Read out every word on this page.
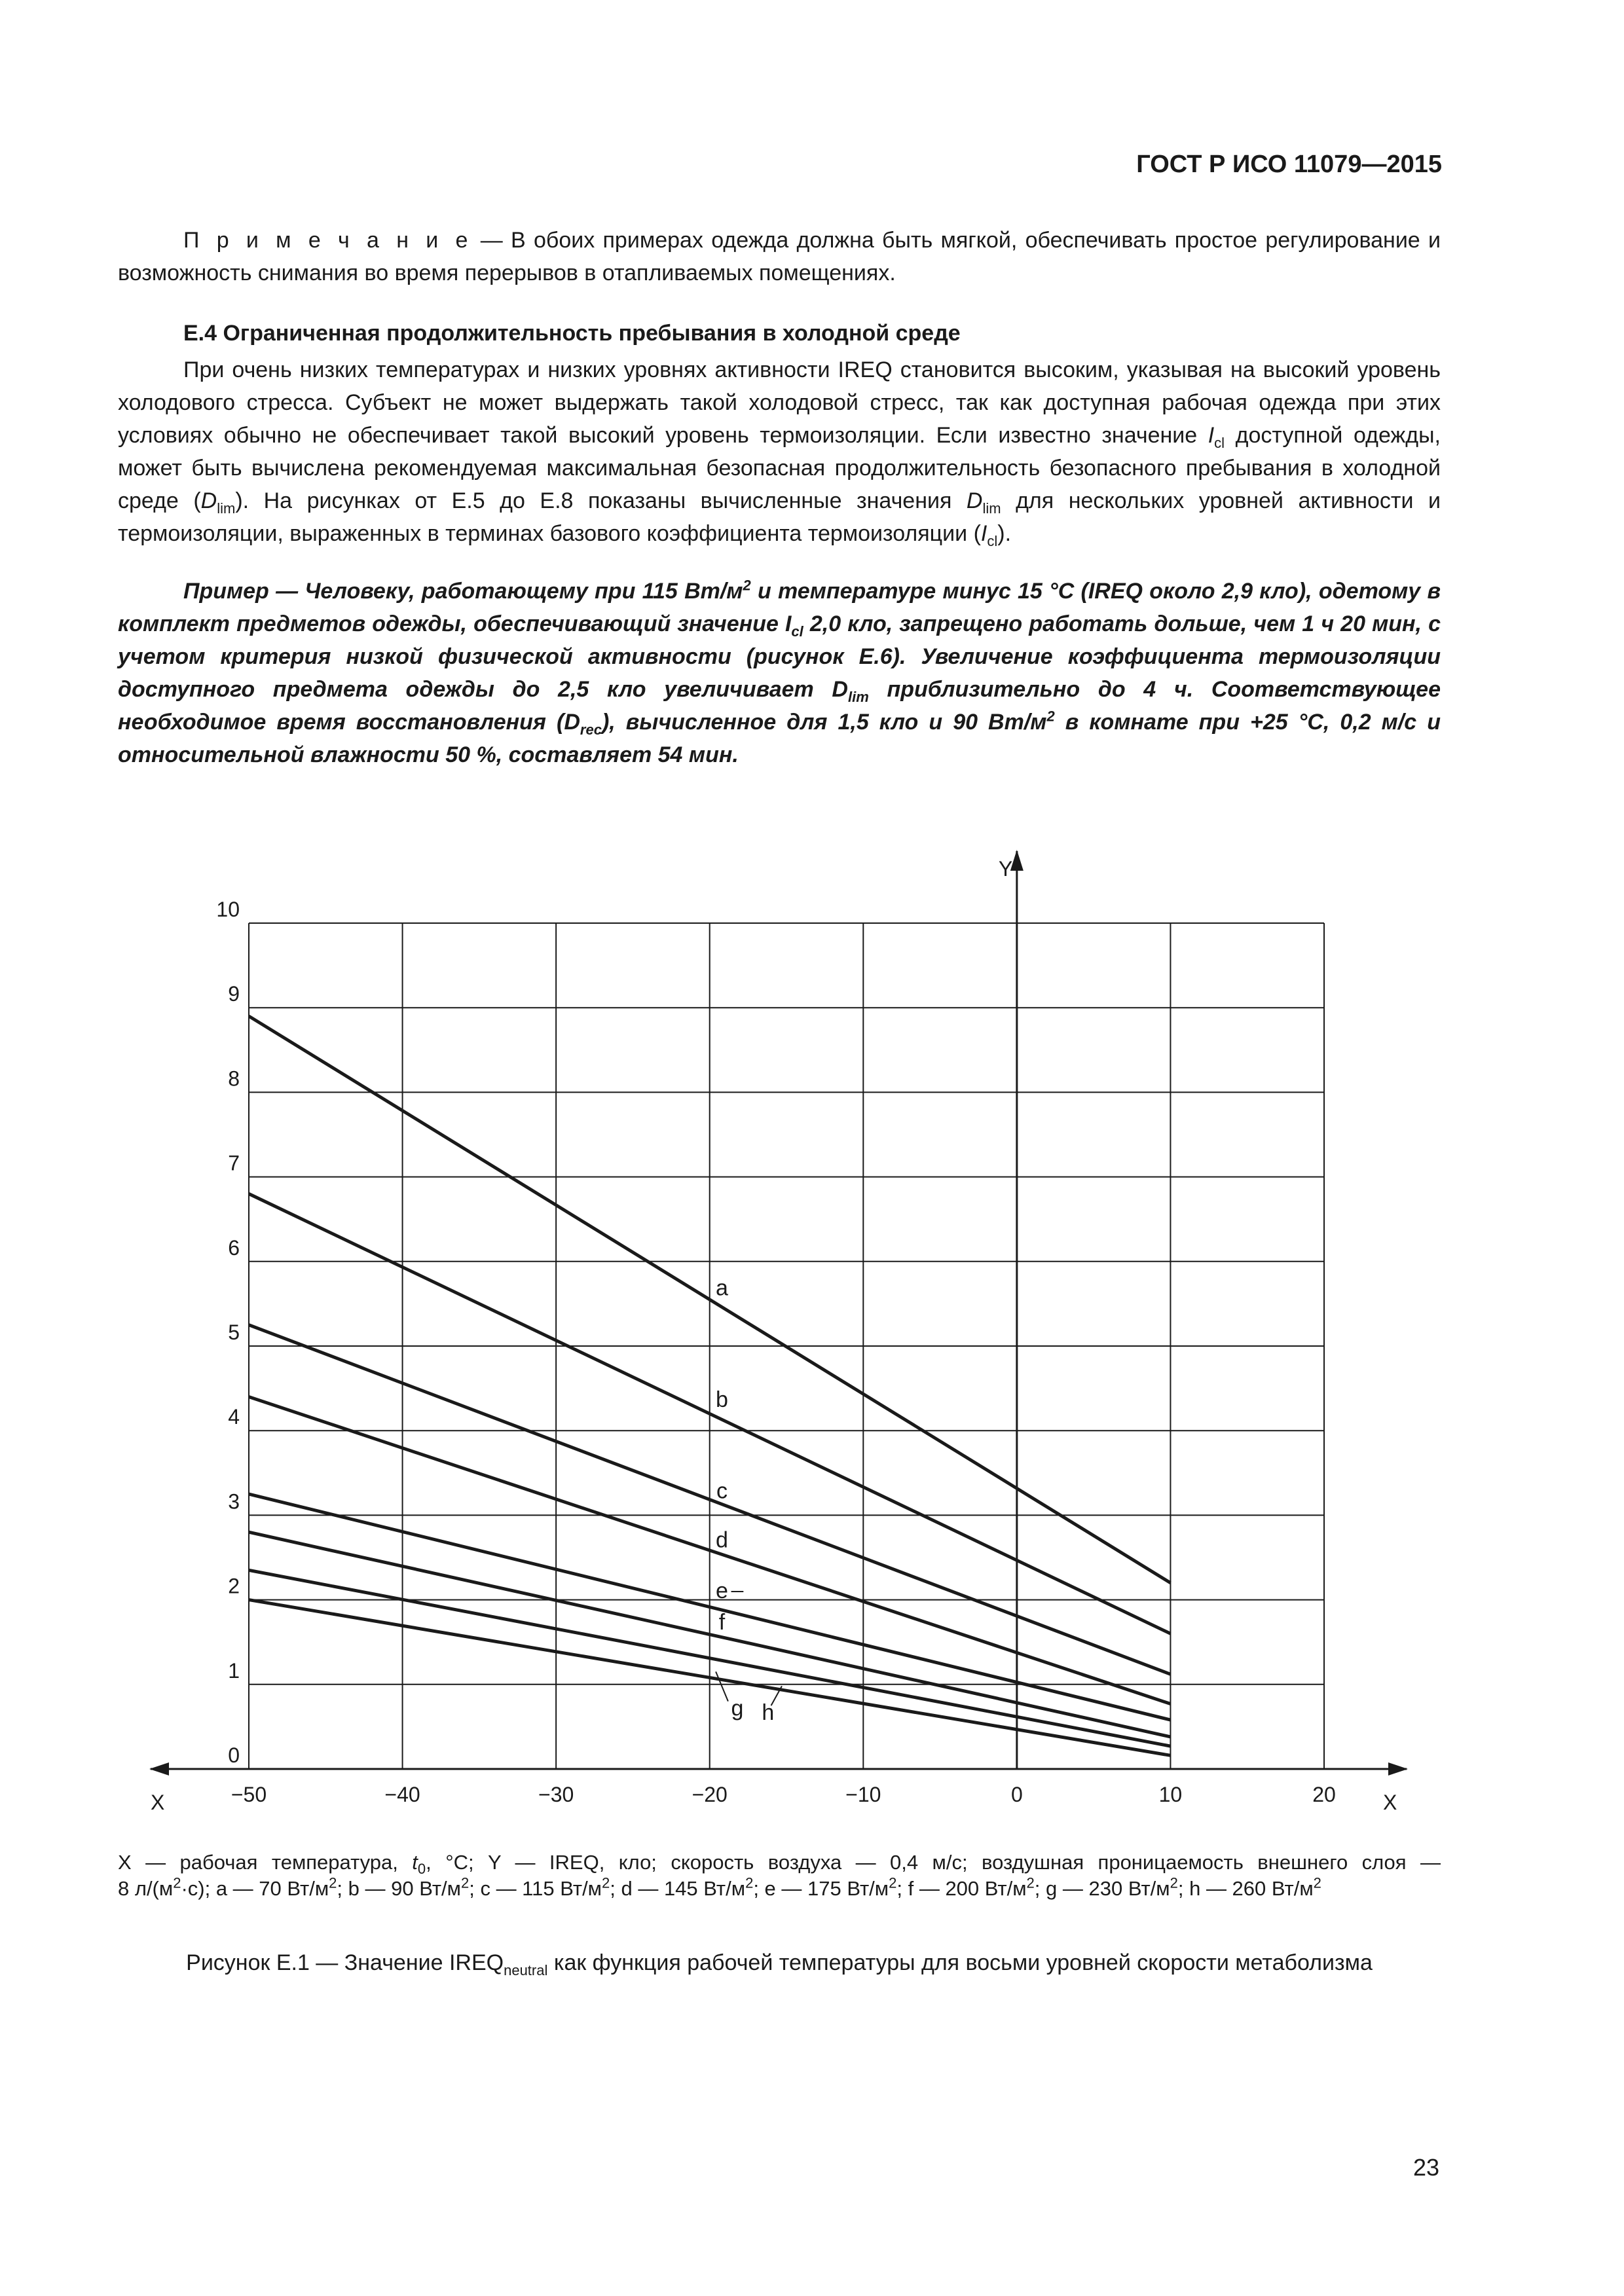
ГОСТ Р ИСО 11079—2015
П р и м е ч а н и е — В обоих примерах одежда должна быть мягкой, обеспечивать простое регулирование и возможность снимания во время перерывов в отапливаемых помещениях.
Е.4 Ограниченная продолжительность пребывания в холодной среде
При очень низких температурах и низких уровнях активности IREQ становится высоким, указывая на высокий уровень холодового стресса. Субъект не может выдержать такой холодовой стресс, так как доступная рабочая одежда при этих условиях обычно не обеспечивает такой высокий уровень термоизоляции. Если известно значение $I_{cl}$ доступной одежды, может быть вычислена рекомендуемая максимальная безопасная продолжительность безопасного пребывания в холодной среде $(D_{lim})$. На рисунках от Е.5 до Е.8 показаны вычисленные значения $D_{lim}$ для нескольких уровней активности и термоизоляции, выраженных в терминах базового коэффициента термоизоляции $(I_{cl})$.
Пример — Человеку, работающему при 115 $Вт/м^2$ и температуре минус 15 °С (IREQ около 2,9 кло), одетому в комплект предметов одежды, обеспечивающий значение $I_{cl}$ 2,0 кло, запрещено работать дольше, чем 1 ч 20 мин, с учетом критерия низкой физической активности (рисунок Е.6). Увеличение коэффициента термоизоляции доступного предмета одежды до 2,5 кло увеличивает $D_{lim}$ приблизительно до 4 ч. Соответствующее необходимое время восстановления $(D_{rec})$, вычисленное для 1,5 кло и 90 $Вт/м^2$ в комнате при +25 °С, 0,2 м/с и относительной влажности 50 %, составляет 54 мин.
Y
X	X
−50	−40	−30	−20	−10	0	10	20
0
1
2
3
4
5
6
7
8
9
10
a
b
c
d
e
f
g h
X — рабочая температура, $t_0$, °С; Y — IREQ, кло; скорость воздуха — 0,4 м/с; воздушная проницаемость внешнего слоя —
8 $л/(м^2\cdot с)$; a — 70 $Вт/м^2$; b — 90 $Вт/м^2$; c — 115 $Вт/м^2$; d — 145 $Вт/м^2$; e — 175 $Вт/м^2$; f — 200 $Вт/м^2$; g — 230 $Вт/м^2$; h — 260 $Вт/м^2$
Рисунок Е.1 — Значение $IREQ_{neutral}$ как функция рабочей температуры для восьми уровней скорости метаболизма
23
